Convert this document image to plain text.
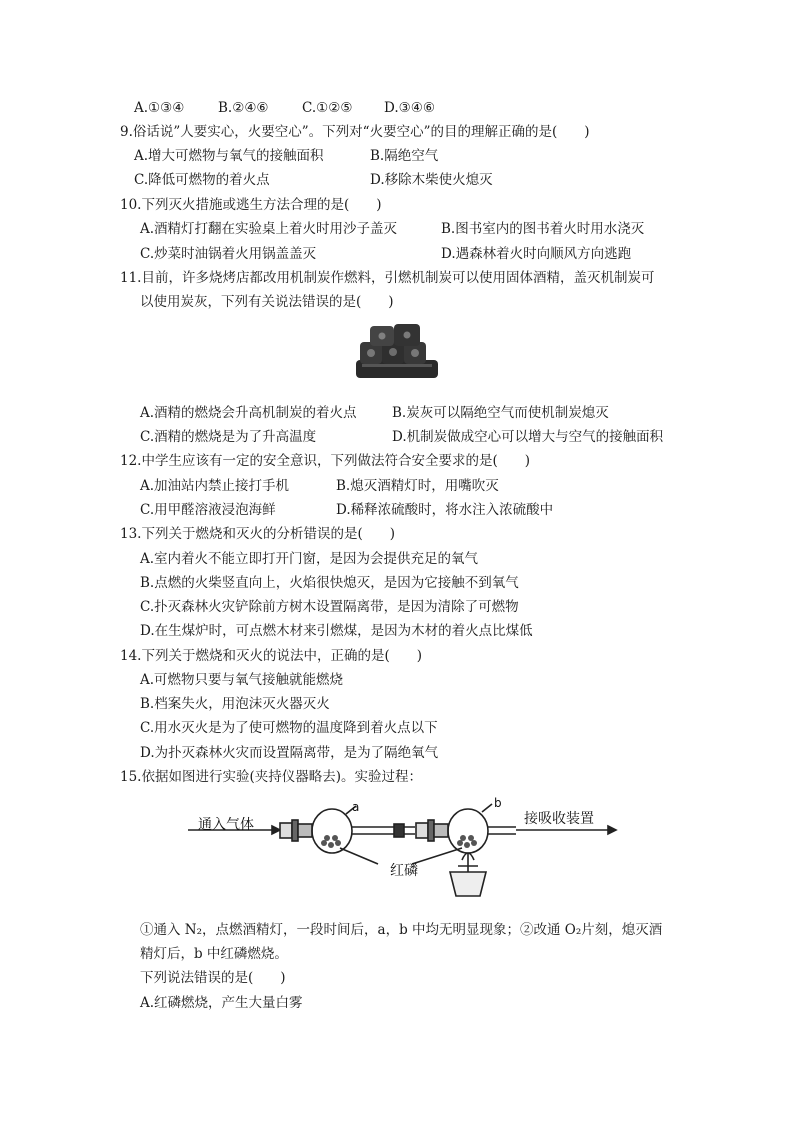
A.①③④ B.②④⑥ C.①②⑤ D.③④⑥
9.俗话说”人要实心，火要空心”。下列对“火要空心”的目的理解正确的是(　　)
A.增大可燃物与氧气的接触面积	B.隔绝空气
C.降低可燃物的着火点	D.移除木柴使火熄灭
10.下列灭火措施或逃生方法合理的是(　　)
A.酒精灯打翻在实验桌上着火时用沙子盖灭	B.图书室内的图书着火时用水浇灭
C.炒菜时油锅着火用锅盖盖灭	D.遇森林着火时向顺风方向逃跑
11.目前，许多烧烤店都改用机制炭作燃料，引燃机制炭可以使用固体酒精，盖灭机制炭可
以使用炭灰，下列有关说法错误的是(　　)
A.酒精的燃烧会升高机制炭的着火点	B.炭灰可以隔绝空气而使机制炭熄灭
C.酒精的燃烧是为了升高温度	D.机制炭做成空心可以增大与空气的接触面积
12.中学生应该有一定的安全意识，下列做法符合安全要求的是(　　)
A.加油站内禁止接打手机	B.熄灭酒精灯时，用嘴吹灭
C.用甲醛溶液浸泡海鲜	D.稀释浓硫酸时，将水注入浓硫酸中
13.下列关于燃烧和灭火的分析错误的是(　　)
A.室内着火不能立即打开门窗，是因为会提供充足的氧气
B.点燃的火柴竖直向上，火焰很快熄灭，是因为它接触不到氧气
C.扑灭森林火灾铲除前方树木设置隔离带，是因为清除了可燃物
D.在生煤炉时，可点燃木材来引燃煤，是因为木材的着火点比煤低
14.下列关于燃烧和灭火的说法中，正确的是(　　)
A.可燃物只要与氧气接触就能燃烧
B.档案失火，用泡沫灭火器灭火
C.用水灭火是为了使可燃物的温度降到着火点以下
D.为扑灭森林火灾而设置隔离带，是为了隔绝氧气
15.依据如图进行实验(夹持仪器略去)。实验过程：
通入气体	接吸收装置
a	b
红磷
①通入 N₂，点燃酒精灯，一段时间后，a，b 中均无明显现象；②改通 O₂片刻，熄灭酒
精灯后，b 中红磷燃烧。
下列说法错误的是(　　)
A.红磷燃烧，产生大量白雾
